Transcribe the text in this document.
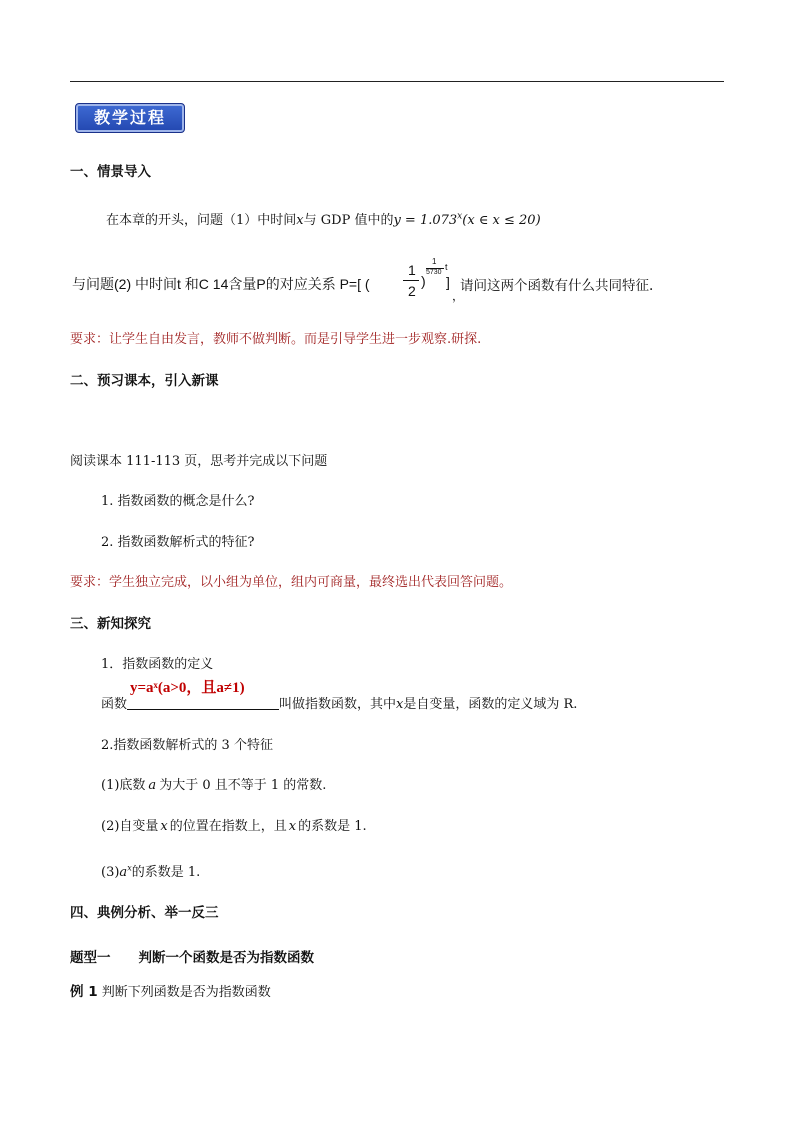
教学过程
一、情景导入
在本章的开头，问题（1）中时间x与 GDP 值中的$y = 1.073^x(x$ ∈ x ≤ 20)
与问题(2) 中时间t 和C 14含量P的对应关系 P=[ (
1
2
)
1
5730
t
]
，
请问这两个函数有什么共同特征.
要求：让学生自由发言，教师不做判断。而是引导学生进一步观察.研探.
二、预习课本，引入新课
阅读课本 111-113 页，思考并完成以下问题
1. 指数函数的概念是什么?
2. 指数函数解析式的特征?
要求：学生独立完成，以小组为单位，组内可商量，最终选出代表回答问题。
三、新知探究
1．指数函数的定义
y=aˣ(a>0，且a≠1)
函数	叫做指数函数，其中x是自变量，函数的定义域为 R.
2.指数函数解析式的 3 个特征
(1)底数 a 为大于 0 且不等于 1 的常数.
(2)自变量 x 的位置在指数上，且 x 的系数是 1.
$(3)a^x$的系数是 1.
四、典例分析、举一反三
题型一 判断一个函数是否为指数函数
例 1 判断下列函数是否为指数函数
